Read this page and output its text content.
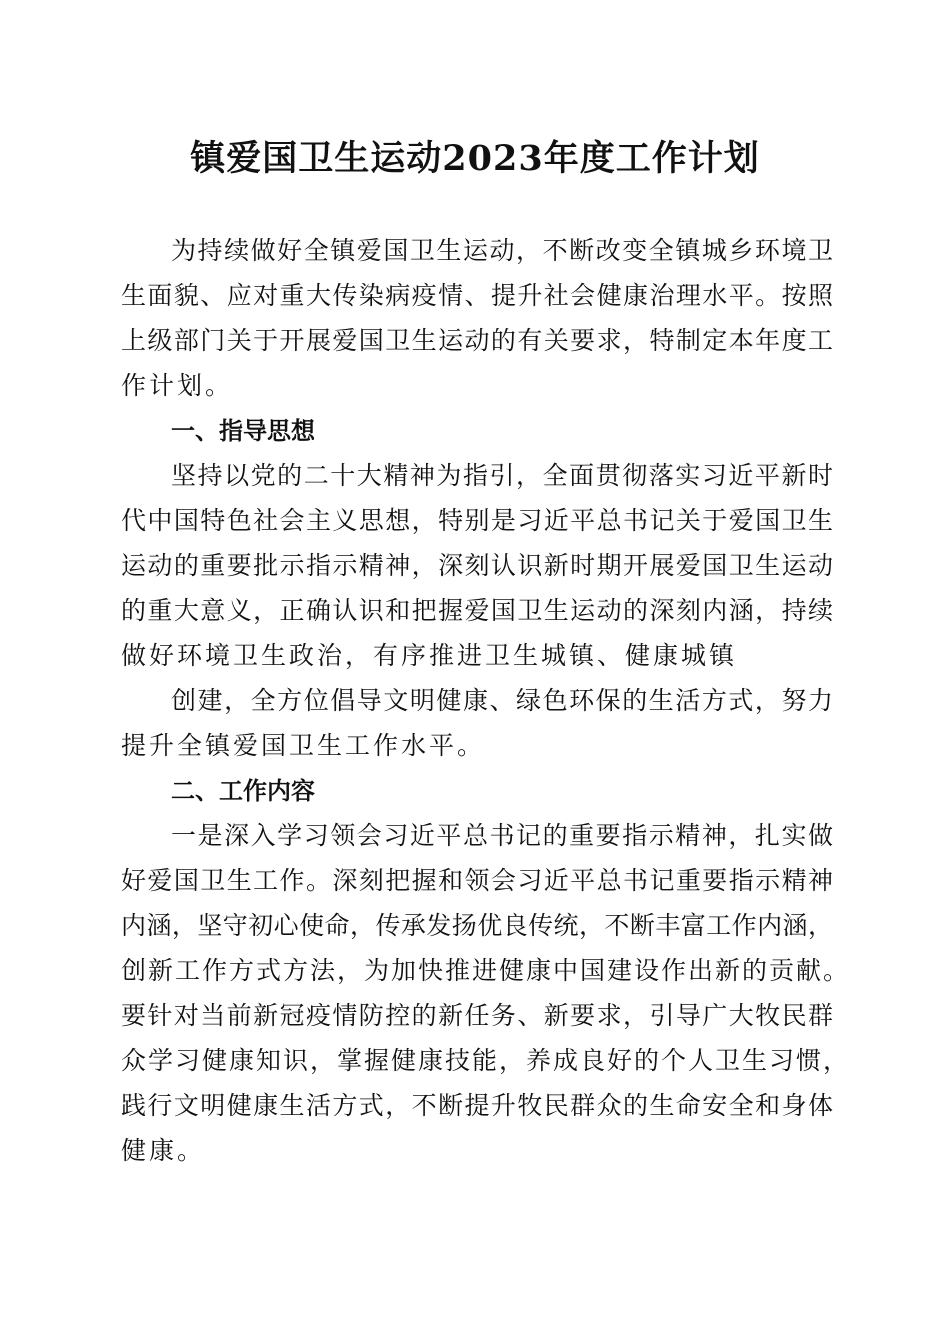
镇爱国卫生运动2023年度工作计划
为持续做好全镇爱国卫生运动，不断改变全镇城乡环境卫
生面貌、应对重大传染病疫情、提升社会健康治理水平。按照
上级部门关于开展爱国卫生运动的有关要求，特制定本年度工
作计划。
一、指导思想
坚持以党的二十大精神为指引，全面贯彻落实习近平新时
代中国特色社会主义思想，特别是习近平总书记关于爱国卫生
运动的重要批示指示精神，深刻认识新时期开展爱国卫生运动
的重大意义，正确认识和把握爱国卫生运动的深刻内涵，持续
做好环境卫生政治，有序推进卫生城镇、健康城镇
创建，全方位倡导文明健康、绿色环保的生活方式，努力
提升全镇爱国卫生工作水平。
二、工作内容
一是深入学习领会习近平总书记的重要指示精神，扎实做
好爱国卫生工作。深刻把握和领会习近平总书记重要指示精神
内涵，坚守初心使命，传承发扬优良传统，不断丰富工作内涵，
创新工作方式方法，为加快推进健康中国建设作出新的贡献。
要针对当前新冠疫情防控的新任务、新要求，引导广大牧民群
众学习健康知识，掌握健康技能，养成良好的个人卫生习惯，
践行文明健康生活方式，不断提升牧民群众的生命安全和身体
健康。
